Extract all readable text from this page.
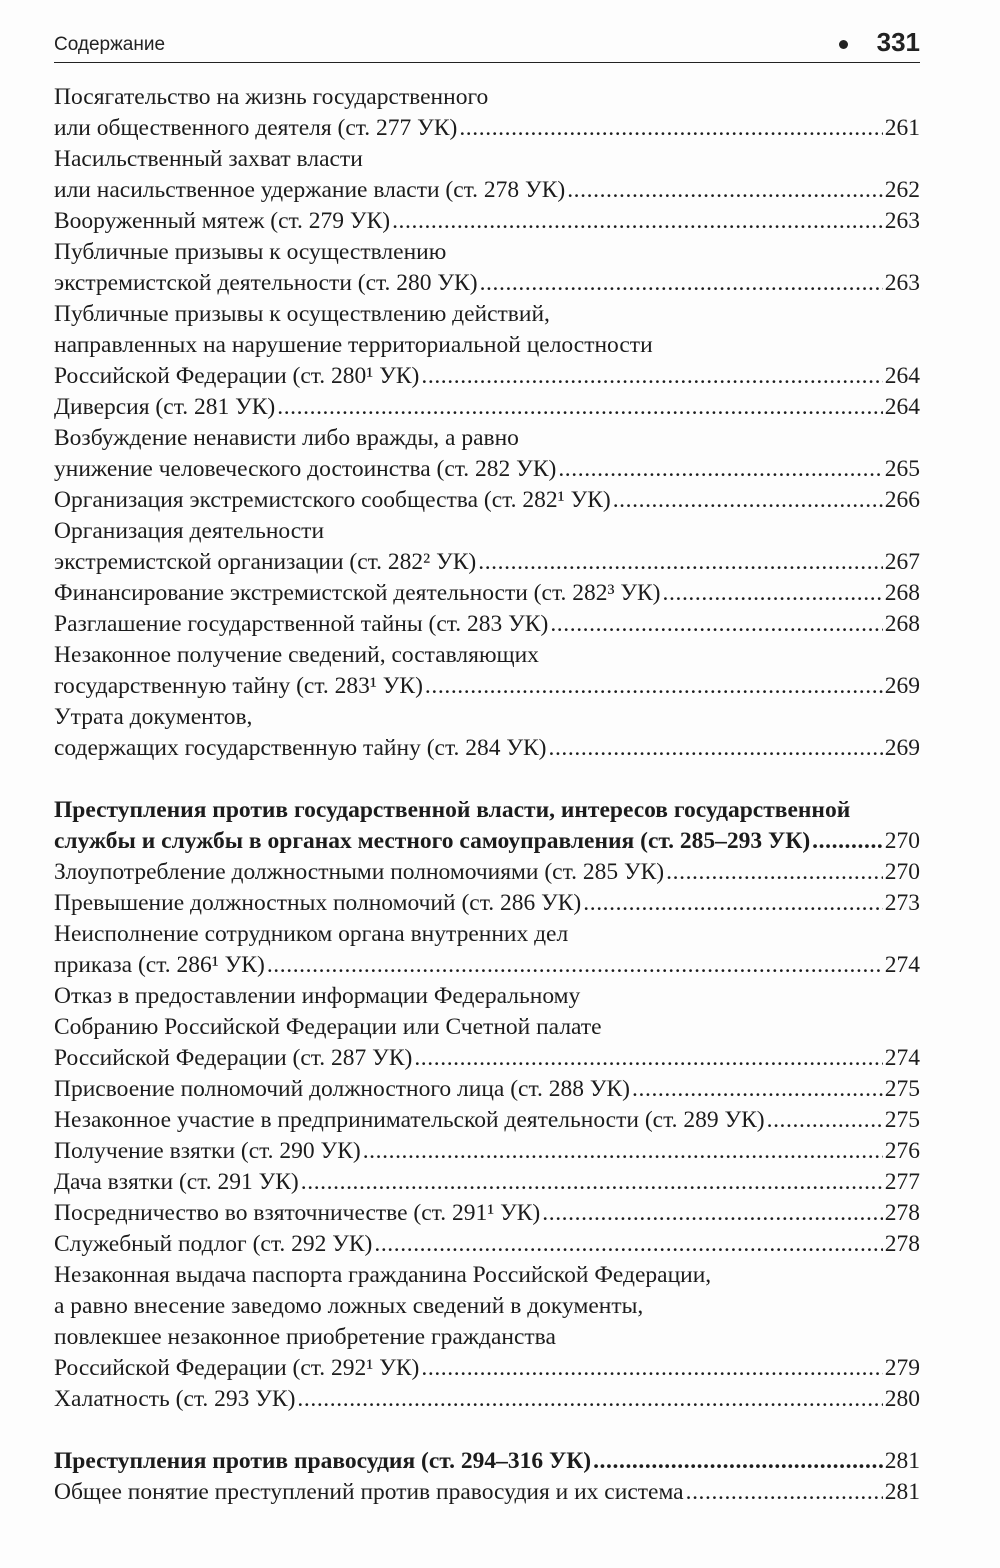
Содержание	331
Посягательство на жизнь государственного
или общественного деятеля (ст. 277 УК) .....	261
Насильственный захват власти
или насильственное удержание власти (ст. 278 УК) .....	262
Вооруженный мятеж (ст. 279 УК) .....	263
Публичные призывы к осуществлению
экстремистской деятельности (ст. 280 УК) .....	263
Публичные призывы к осуществлению действий,
направленных на нарушение территориальной целостности
Российской Федерации (ст. 280¹ УК) .....	264
Диверсия (ст. 281 УК) .....	264
Возбуждение ненависти либо вражды, а равно
унижение человеческого достоинства (ст. 282 УК) .....	265
Организация экстремистского сообщества (ст. 282¹ УК) .....	266
Организация деятельности
экстремистской организации (ст. 282² УК) .....	267
Финансирование экстремистской деятельности (ст. 282³ УК) .....	268
Разглашение государственной тайны (ст. 283 УК) .....	268
Незаконное получение сведений, составляющих
государственную тайну (ст. 283¹ УК) .....	269
Утрата документов,
содержащих государственную тайну (ст. 284 УК) .....	269
Преступления против государственной власти, интересов государственной
службы и службы в органах местного самоуправления (ст. 285–293 УК) .....	270
Злоупотребление должностными полномочиями (ст. 285 УК) .....	270
Превышение должностных полномочий (ст. 286 УК) .....	273
Неисполнение сотрудником органа внутренних дел
приказа (ст. 286¹ УК) .....	274
Отказ в предоставлении информации Федеральному
Собранию Российской Федерации или Счетной палате
Российской Федерации (ст. 287 УК) .....	274
Присвоение полномочий должностного лица (ст. 288 УК) .....	275
Незаконное участие в предпринимательской деятельности (ст. 289 УК) .....	275
Получение взятки (ст. 290 УК) .....	276
Дача взятки (ст. 291 УК) .....	277
Посредничество во взяточничестве (ст. 291¹ УК) .....	278
Служебный подлог (ст. 292 УК) .....	278
Незаконная выдача паспорта гражданина Российской Федерации,
а равно внесение заведомо ложных сведений в документы,
повлекшее незаконное приобретение гражданства
Российской Федерации (ст. 292¹ УК) .....	279
Халатность (ст. 293 УК) .....	280
Преступления против правосудия (ст. 294–316 УК) .....	281
Общее понятие преступлений против правосудия и их система .....	281
